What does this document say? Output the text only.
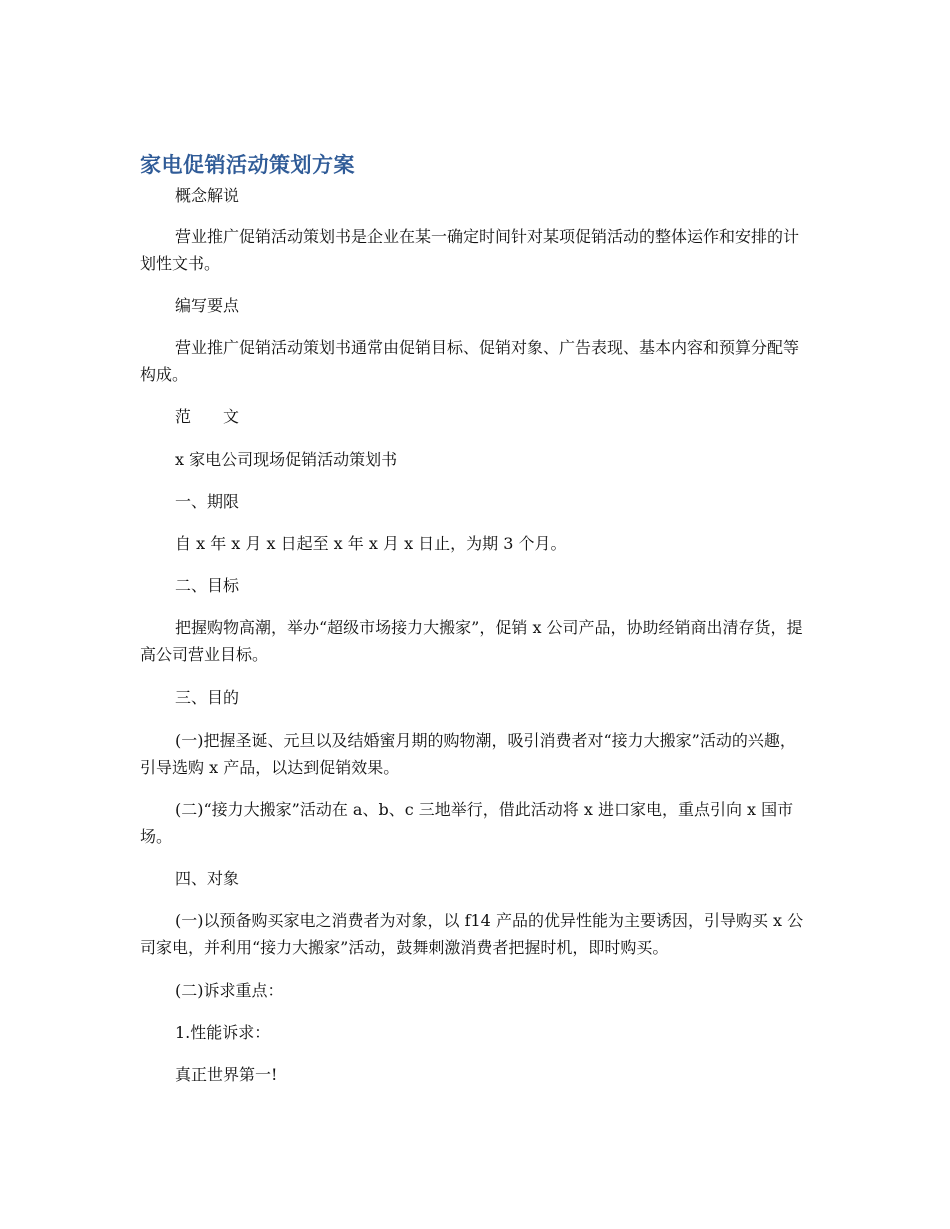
家电促销活动策划方案
概念解说
营业推广促销活动策划书是企业在某一确定时间针对某项促销活动的整体运作和安排的计划性文书。
编写要点
营业推广促销活动策划书通常由促销目标、促销对象、广告表现、基本内容和预算分配等构成。
范　　文
x 家电公司现场促销活动策划书
一、期限
自 x 年 x 月 x 日起至 x 年 x 月 x 日止，为期 3 个月。
二、目标
把握购物高潮，举办“超级市场接力大搬家”，促销 x 公司产品，协助经销商出清存货，提高公司营业目标。
三、目的
(一)把握圣诞、元旦以及结婚蜜月期的购物潮，吸引消费者对“接力大搬家”活动的兴趣，引导选购 x 产品，以达到促销效果。
(二)“接力大搬家”活动在 a、b、c 三地举行，借此活动将 x 进口家电，重点引向 x 国市场。
四、对象
(一)以预备购买家电之消费者为对象，以 f14 产品的优异性能为主要诱因，引导购买 x 公司家电，并利用“接力大搬家”活动，鼓舞刺激消费者把握时机，即时购买。
(二)诉求重点：
1.性能诉求：
真正世界第一!
